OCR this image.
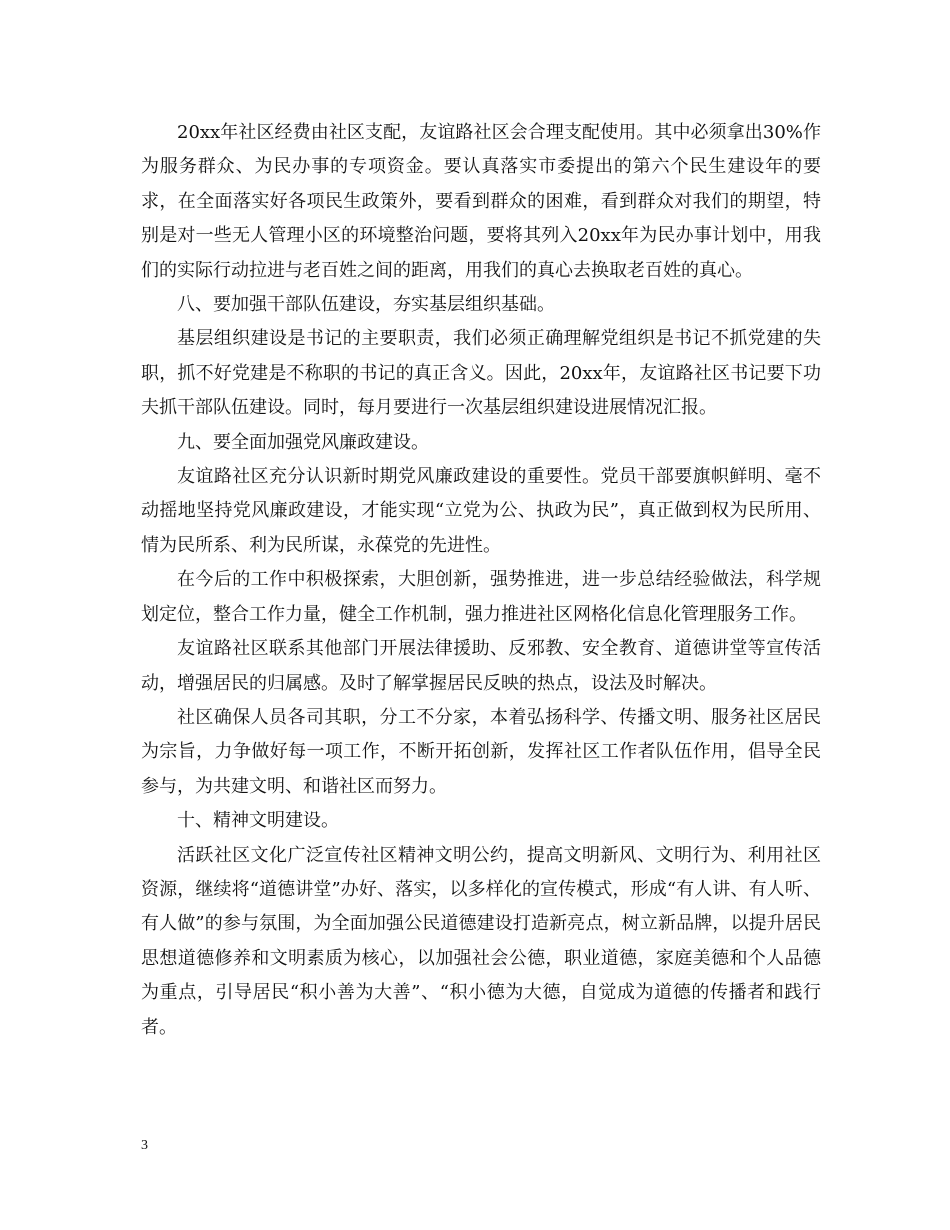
20xx年社区经费由社区支配，友谊路社区会合理支配使用。其中必须拿出30%作为服务群众、为民办事的专项资金。要认真落实市委提出的第六个民生建设年的要求，在全面落实好各项民生政策外，要看到群众的困难，看到群众对我们的期望，特别是对一些无人管理小区的环境整治问题，要将其列入20xx年为民办事计划中，用我们的实际行动拉进与老百姓之间的距离，用我们的真心去换取老百姓的真心。

八、要加强干部队伍建设，夯实基层组织基础。

基层组织建设是书记的主要职责，我们必须正确理解党组织是书记不抓党建的失职，抓不好党建是不称职的书记的真正含义。因此，20xx年，友谊路社区书记要下功夫抓干部队伍建设。同时，每月要进行一次基层组织建设进展情况汇报。

九、要全面加强党风廉政建设。

友谊路社区充分认识新时期党风廉政建设的重要性。党员干部要旗帜鲜明、毫不动摇地坚持党风廉政建设，才能实现“立党为公、执政为民”，真正做到权为民所用、情为民所系、利为民所谋，永葆党的先进性。

在今后的工作中积极探索，大胆创新，强势推进，进一步总结经验做法，科学规划定位，整合工作力量，健全工作机制，强力推进社区网格化信息化管理服务工作。

友谊路社区联系其他部门开展法律援助、反邪教、安全教育、道德讲堂等宣传活动，增强居民的归属感。及时了解掌握居民反映的热点，设法及时解决。

社区确保人员各司其职，分工不分家，本着弘扬科学、传播文明、服务社区居民为宗旨，力争做好每一项工作，不断开拓创新，发挥社区工作者队伍作用，倡导全民参与，为共建文明、和谐社区而努力。

十、精神文明建设。

活跃社区文化广泛宣传社区精神文明公约，提高文明新风、文明行为、利用社区资源，继续将“道德讲堂”办好、落实，以多样化的宣传模式，形成“有人讲、有人听、有人做”的参与氛围，为全面加强公民道德建设打造新亮点，树立新品牌，以提升居民思想道德修养和文明素质为核心，以加强社会公德，职业道德，家庭美德和个人品德为重点，引导居民“积小善为大善”、“积小德为大德，自觉成为道德的传播者和践行者。

3
